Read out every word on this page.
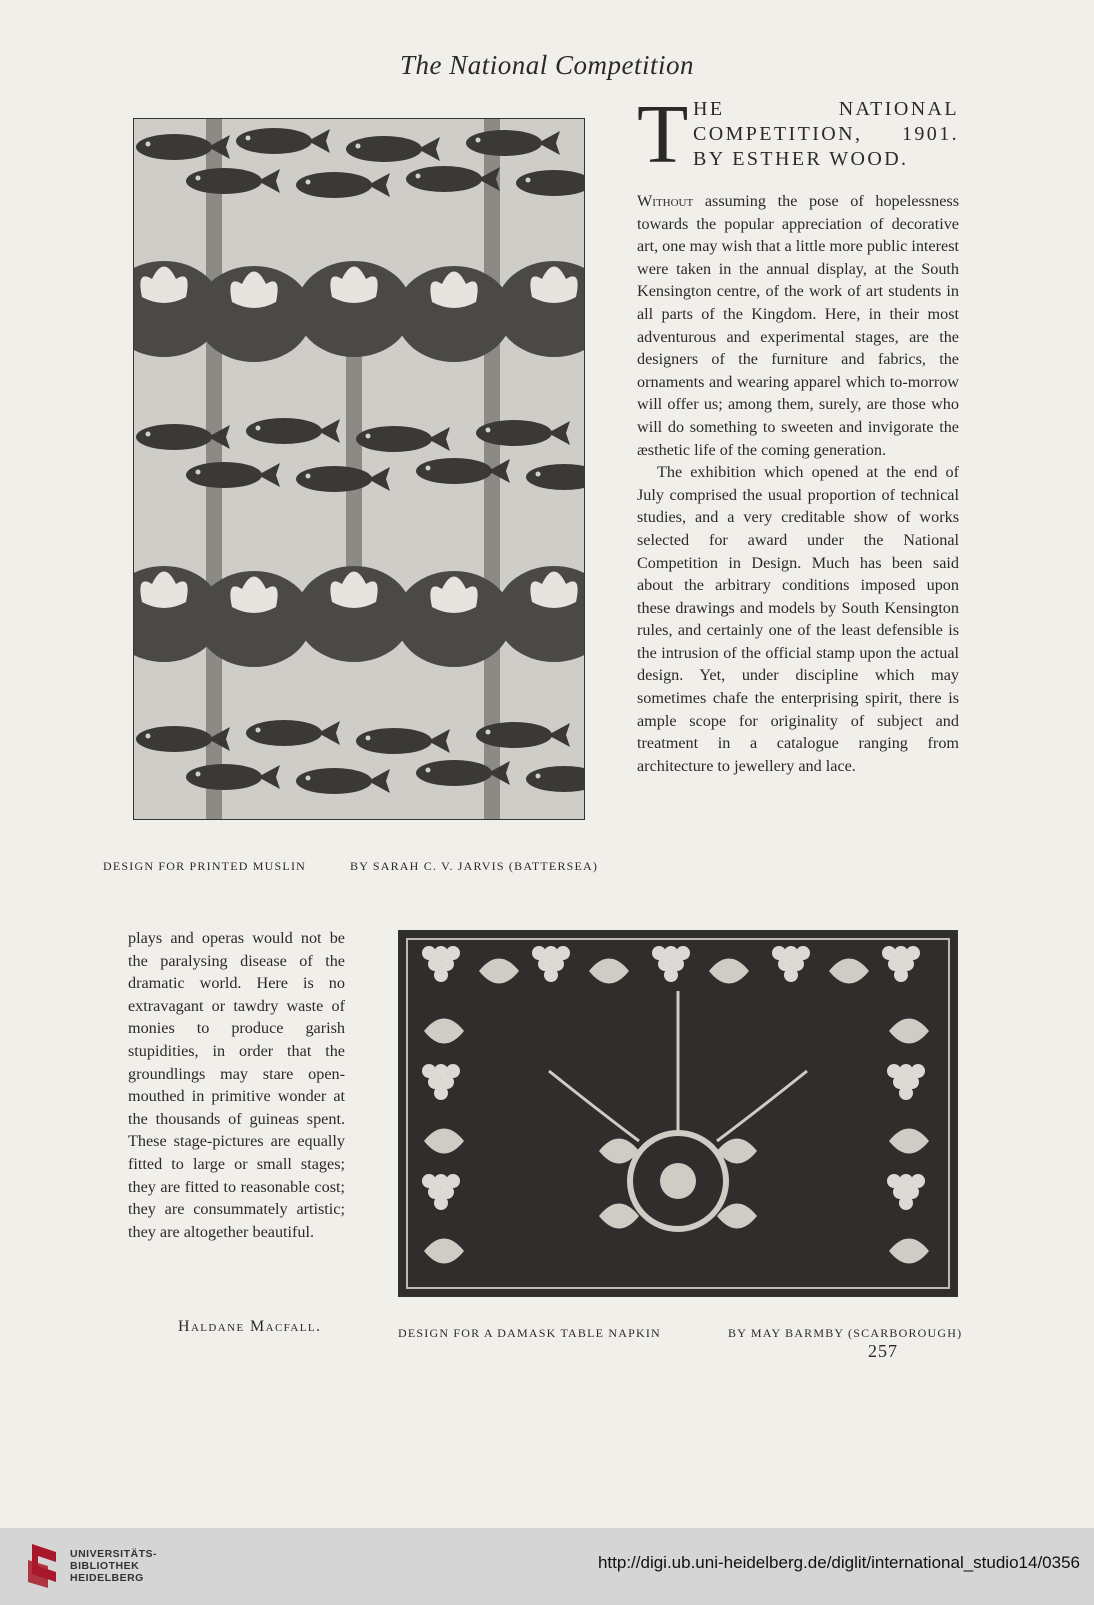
The National Competition
DESIGN FOR PRINTED MUSLIN	BY SARAH C. V. JARVIS (BATTERSEA)
T HE NATIONAL COMPETITION, 1901. BY ESTHER WOOD.

Without assuming the pose of hopelessness towards the popular appreciation of decorative art, one may wish that a little more public interest were taken in the annual display, at the South Kensington centre, of the work of art students in all parts of the Kingdom. Here, in their most adventurous and experimental stages, are the designers of the furniture and fabrics, the ornaments and wearing apparel which to-morrow will offer us; among them, surely, are those who will do something to sweeten and invigorate the æsthetic life of the coming generation.

The exhibition which opened at the end of July comprised the usual proportion of technical studies, and a very creditable show of works selected for award under the National Competition in Design. Much has been said about the arbitrary conditions imposed upon these drawings and models by South Kensington rules, and certainly one of the least defensible is the intrusion of the official stamp upon the actual design. Yet, under discipline which may sometimes chafe the enterprising spirit, there is ample scope for originality of subject and treatment in a catalogue ranging from architecture to jewellery and lace.

plays and operas would not be the paralysing disease of the dramatic world. Here is no extravagant or tawdry waste of monies to produce garish stupidities, in order that the groundlings may stare open-mouthed in primitive wonder at the thousands of guineas spent. These stage-pictures are equally fitted to large or small stages; they are fitted to reasonable cost; they are consummately artistic; they are altogether beautiful.

Haldane Macfall.	DESIGN FOR A DAMASK TABLE NAPKIN	BY MAY BARMBY (SCARBOROUGH)
257
UNIVERSITÄTS-
BIBLIOTHEK
HEIDELBERG
http://digi.ub.uni-heidelberg.de/diglit/international_studio14/0356
